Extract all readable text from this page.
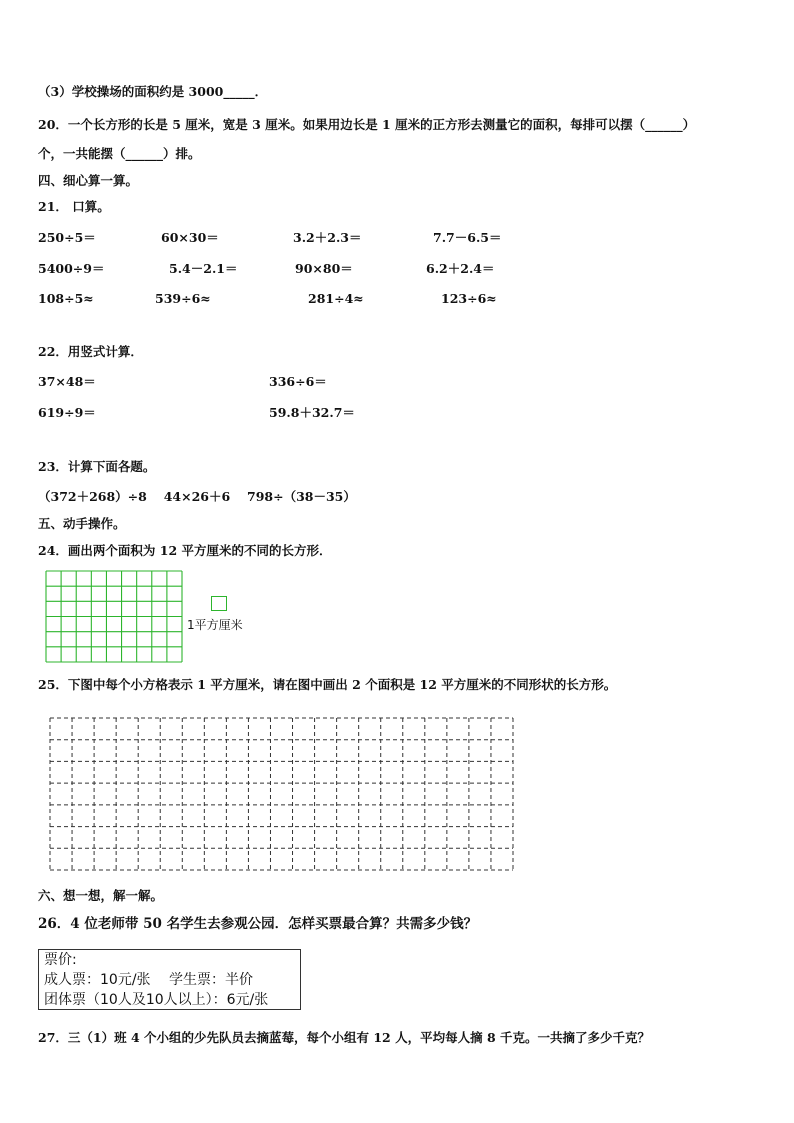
（3）学校操场的面积约是 3000_____．
20．一个长方形的长是 5 厘米，宽是 3 厘米。如果用边长是 1 厘米的正方形去测量它的面积，每排可以摆（______）
个，一共能摆（______）排。
四、细心算一算。
21． 口算。
250÷5＝	60×30＝	3.2＋2.3＝	7.7－6.5＝
5400÷9＝	5.4－2.1＝	90×80＝	6.2＋2.4＝
108÷5≈	539÷6≈	281÷4≈	123÷6≈
22．用竖式计算．
37×48＝	336÷6＝
619÷9＝	59.8＋32.7＝
23．计算下面各题。
（372＋268）÷8　 44×26＋6　 798÷（38－35）
五、动手操作。
24．画出两个面积为 12 平方厘米的不同的长方形．
1平方厘米
25．下图中每个小方格表示 1 平方厘米，请在图中画出 2 个面积是 12 平方厘米的不同形状的长方形。
六、想一想，解一解。
26．4 位老师带 50 名学生去参观公园．怎样买票最合算？共需多少钱？
票价:
成人票：10元/张　 学生票：半价
团体票（10人及10人以上）：6元/张
27．三（1）班 4 个小组的少先队员去摘蓝莓，每个小组有 12 人，平均每人摘 8 千克。一共摘了多少千克？
